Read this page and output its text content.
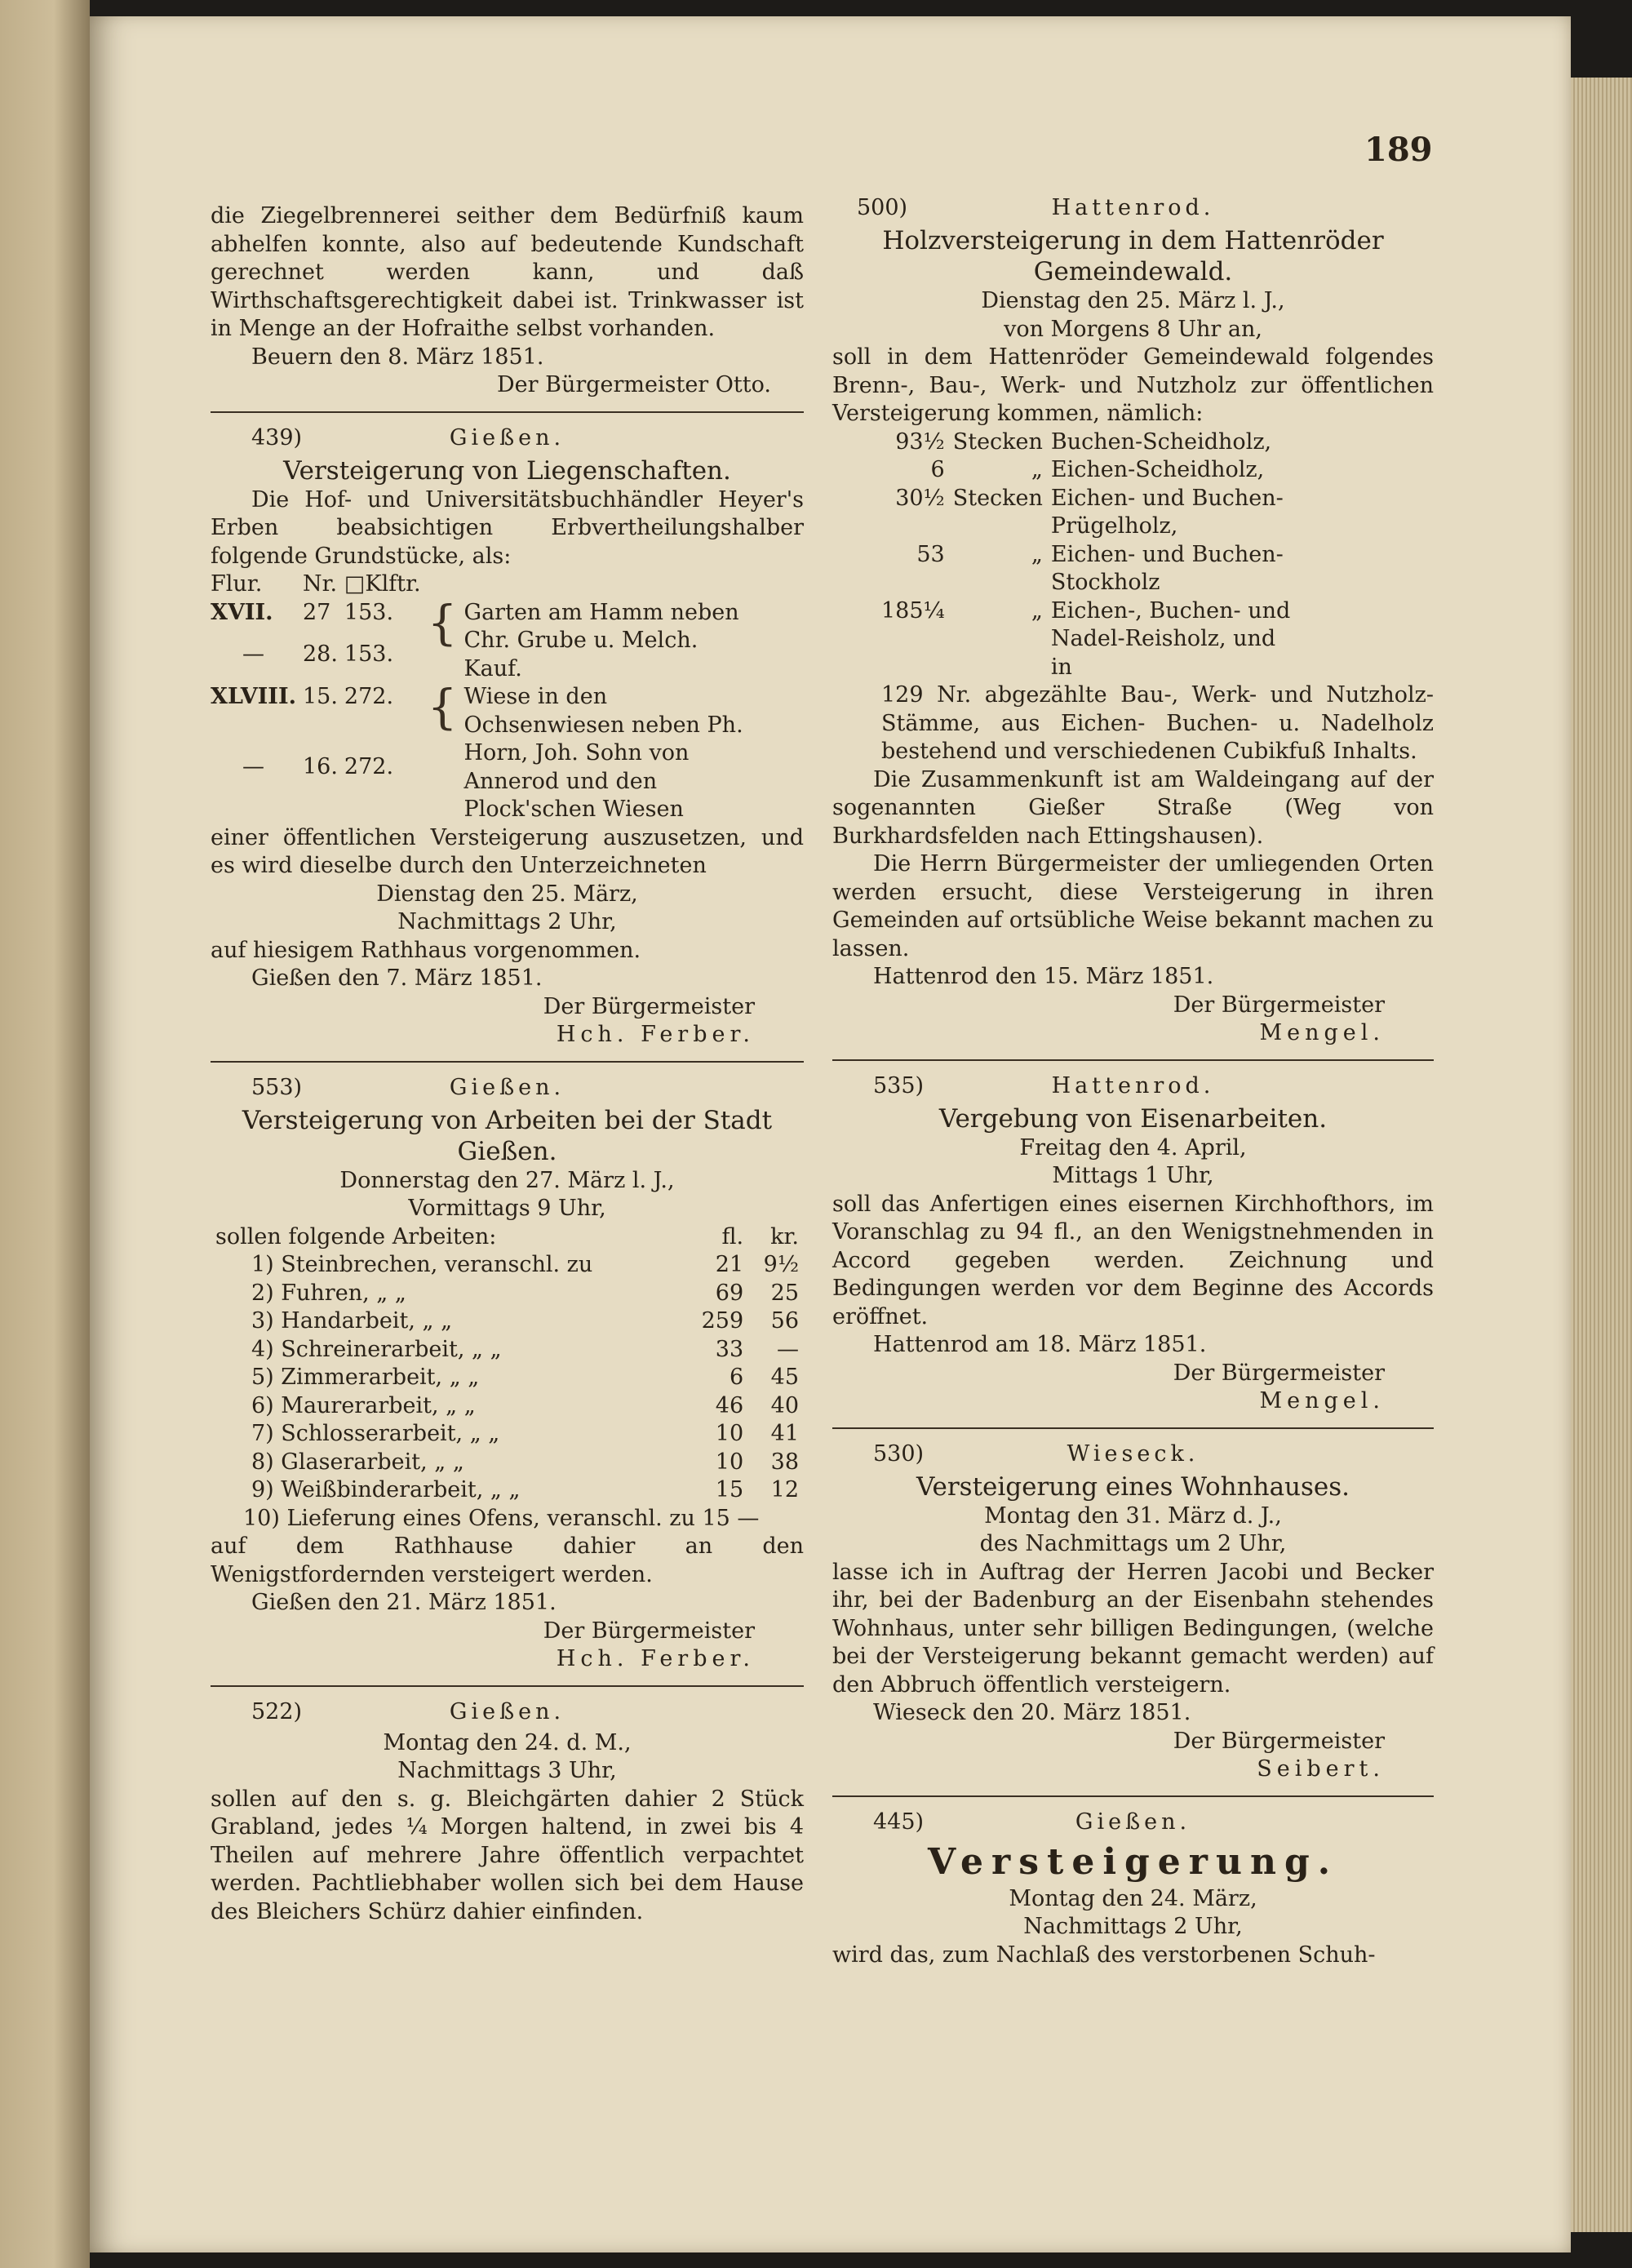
189
die Ziegelbrennerei seither dem Bedürfniß kaum abhelfen konnte, also auf bedeutende Kundschaft gerechnet werden kann, und daß Wirthschaftsgerechtigkeit dabei ist. Trinkwasser ist in Menge an der Hofraithe selbst vorhanden.
Beuern den 8. März 1851.
Der Bürgermeister Otto.
439)	Gießen.
Versteigerung von Liegenschaften.
Die Hof- und Universitätsbuchhändler Heyer's Erben beabsichtigen Erbvertheilungshalber folgende Grundstücke, als:
Flur.	Nr.	□Klftr.		
XVII.	27	153.	{	Garten am Hamm neben Chr. Grube u. Melch. Kauf.
—	28.	153.		
XLVIII.	15.	272.	{	Wiese in den Ochsenwiesen neben Ph. Horn, Joh. Sohn von Annerod und den Plock'schen Wiesen
—	16.	272.		
einer öffentlichen Versteigerung auszusetzen, und es wird dieselbe durch den Unterzeichneten
Dienstag den 25. März,
Nachmittags 2 Uhr,
auf hiesigem Rathhaus vorgenommen.
Gießen den 7. März 1851.
Der Bürgermeister
Hch. Ferber.
553)	Gießen.
Versteigerung von Arbeiten bei der Stadt Gießen.
Donnerstag den 27. März l. J.,
Vormittags 9 Uhr,
sollen folgende Arbeiten:	fl.	kr.
1) Steinbrechen, veranschl. zu	21	9½
2) Fuhren, „ „	69	25
3) Handarbeit, „ „	259	56
4) Schreinerarbeit, „ „	33	—
5) Zimmerarbeit, „ „	6	45
6) Maurerarbeit, „ „	46	40
7) Schlosserarbeit, „ „	10	41
8) Glaserarbeit, „ „	10	38
9) Weißbinderarbeit, „ „	15	12
10) Lieferung eines Ofens, veranschl. zu 15 —
auf dem Rathhause dahier an den Wenigstfordernden versteigert werden.
Gießen den 21. März 1851.
Der Bürgermeister
Hch. Ferber.
522)	Gießen.
Montag den 24. d. M.,
Nachmittags 3 Uhr,
sollen auf den s. g. Bleichgärten dahier 2 Stück Grabland, jedes ¼ Morgen haltend, in zwei bis 4 Theilen auf mehrere Jahre öffentlich verpachtet werden. Pachtliebhaber wollen sich bei dem Hause des Bleichers Schürz dahier einfinden.
500)	Hattenrod.
Holzversteigerung in dem Hattenröder Gemeindewald.
Dienstag den 25. März l. J.,
von Morgens 8 Uhr an,
soll in dem Hattenröder Gemeindewald folgendes Brenn-, Bau-, Werk- und Nutzholz zur öffentlichen Versteigerung kommen, nämlich:
93½	Stecken	Buchen-Scheidholz,
6	„	Eichen-Scheidholz,
30½	Stecken	Eichen- und Buchen-Prügelholz,
53	„	Eichen- und Buchen-Stockholz
185¼	„	Eichen-, Buchen- und Nadel-Reisholz, und in
129 Nr. abgezählte Bau-, Werk- und Nutzholz-Stämme, aus Eichen- Buchen- u. Nadelholz bestehend und verschiedenen Cubikfuß Inhalts.
Die Zusammenkunft ist am Waldeingang auf der sogenannten Gießer Straße (Weg von Burkhardsfelden nach Ettingshausen).
Die Herrn Bürgermeister der umliegenden Orten werden ersucht, diese Versteigerung in ihren Gemeinden auf ortsübliche Weise bekannt machen zu lassen.
Hattenrod den 15. März 1851.
Der Bürgermeister
Mengel.
535)	Hattenrod.
Vergebung von Eisenarbeiten.
Freitag den 4. April,
Mittags 1 Uhr,
soll das Anfertigen eines eisernen Kirchhofthors, im Voranschlag zu 94 fl., an den Wenigstnehmenden in Accord gegeben werden. Zeichnung und Bedingungen werden vor dem Beginne des Accords eröffnet.
Hattenrod am 18. März 1851.
Der Bürgermeister
Mengel.
530)	Wieseck.
Versteigerung eines Wohnhauses.
Montag den 31. März d. J.,
des Nachmittags um 2 Uhr,
lasse ich in Auftrag der Herren Jacobi und Becker ihr, bei der Badenburg an der Eisenbahn stehendes Wohnhaus, unter sehr billigen Bedingungen, (welche bei der Versteigerung bekannt gemacht werden) auf den Abbruch öffentlich versteigern.
Wieseck den 20. März 1851.
Der Bürgermeister
Seibert.
445)	Gießen.
Versteigerung.
Montag den 24. März,
Nachmittags 2 Uhr,
wird das, zum Nachlaß des verstorbenen Schuh-
